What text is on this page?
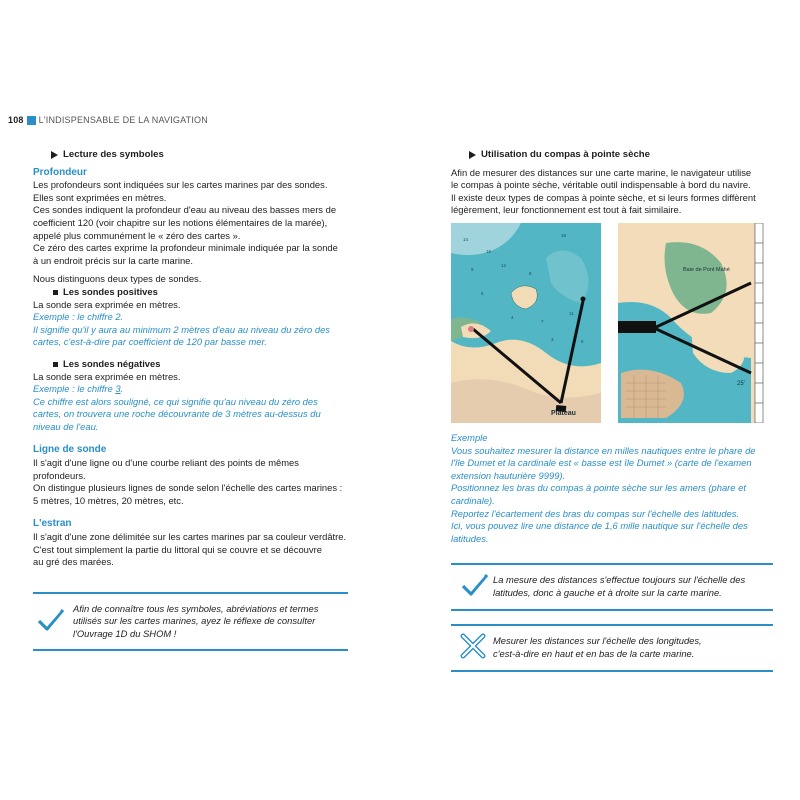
108 L'INDISPENSABLE DE LA NAVIGATION
Lecture des symboles
Profondeur

Les profondeurs sont indiquées sur les cartes marines par des sondes.

Elles sont exprimées en mètres.

Ces sondes indiquent la profondeur d'eau au niveau des basses mers de

coefficient 120 (voir chapitre sur les notions élémentaires de la marée),

appelé plus communément le « zéro des cartes ».

Ce zéro des cartes exprime la profondeur minimale indiquée par la sonde

à un endroit précis sur la carte marine.

Nous distinguons deux types de sondes.

Les sondes positives

La sonde sera exprimée en mètres.

Exemple : le chiffre 2.

Il signifie qu'il y aura au minimum 2 mètres d'eau au niveau du zéro des

cartes, c'est-à-dire par coefficient de 120 par basse mer.

Les sondes négatives

La sonde sera exprimée en mètres.

Exemple : le chiffre 3.

Ce chiffre est alors souligné, ce qui signifie qu'au niveau du zéro des

cartes, on trouvera une roche découvrante de 3 mètres au-dessus du

niveau de l'eau.

Ligne de sonde

Il s'agit d'une ligne ou d'une courbe reliant des points de mêmes

profondeurs.

On distingue plusieurs lignes de sonde selon l'échelle des cartes marines :

5 mètres, 10 mètres, 20 mètres, etc.

L'estran

Il s'agit d'une zone délimitée sur les cartes marines par sa couleur verdâtre.

C'est tout simplement la partie du littoral qui se couvre et se découvre

au gré des marées.

Afin de connaître tous les symboles, abréviations et termes

utilisés sur les cartes marines, ayez le réflexe de consulter

l'Ouvrage 1D du SHOM !

Utilisation du compas à pointe sèche

Afin de mesurer des distances sur une carte marine, le navigateur utilise

le compas à pointe sèche, véritable outil indispensable à bord du navire.

Il existe deux types de compas à pointe sèche, et si leurs formes diffèrent

légèrement, leur fonctionnement est tout à fait similaire.

14
16
18
9
12
8
11
7
5
6
4
3
Plateau
Baie de Pont Mahé
25'

Exemple

Vous souhaitez mesurer la distance en milles nautiques entre le phare de

l'île Dumet et la cardinale est « basse est île Dumet » (carte de l'examen

extension hauturière 9999).

Positionnez les bras du compas à pointe sèche sur les amers (phare et

cardinale).

Reportez l'écartement des bras du compas sur l'échelle des latitudes.

Ici, vous pouvez lire une distance de 1,6 mille nautique sur l'échelle des

latitudes.

La mesure des distances s'effectue toujours sur l'échelle des

latitudes, donc à gauche et à droite sur la carte marine.

Mesurer les distances sur l'échelle des longitudes,

c'est-à-dire en haut et en bas de la carte marine.
